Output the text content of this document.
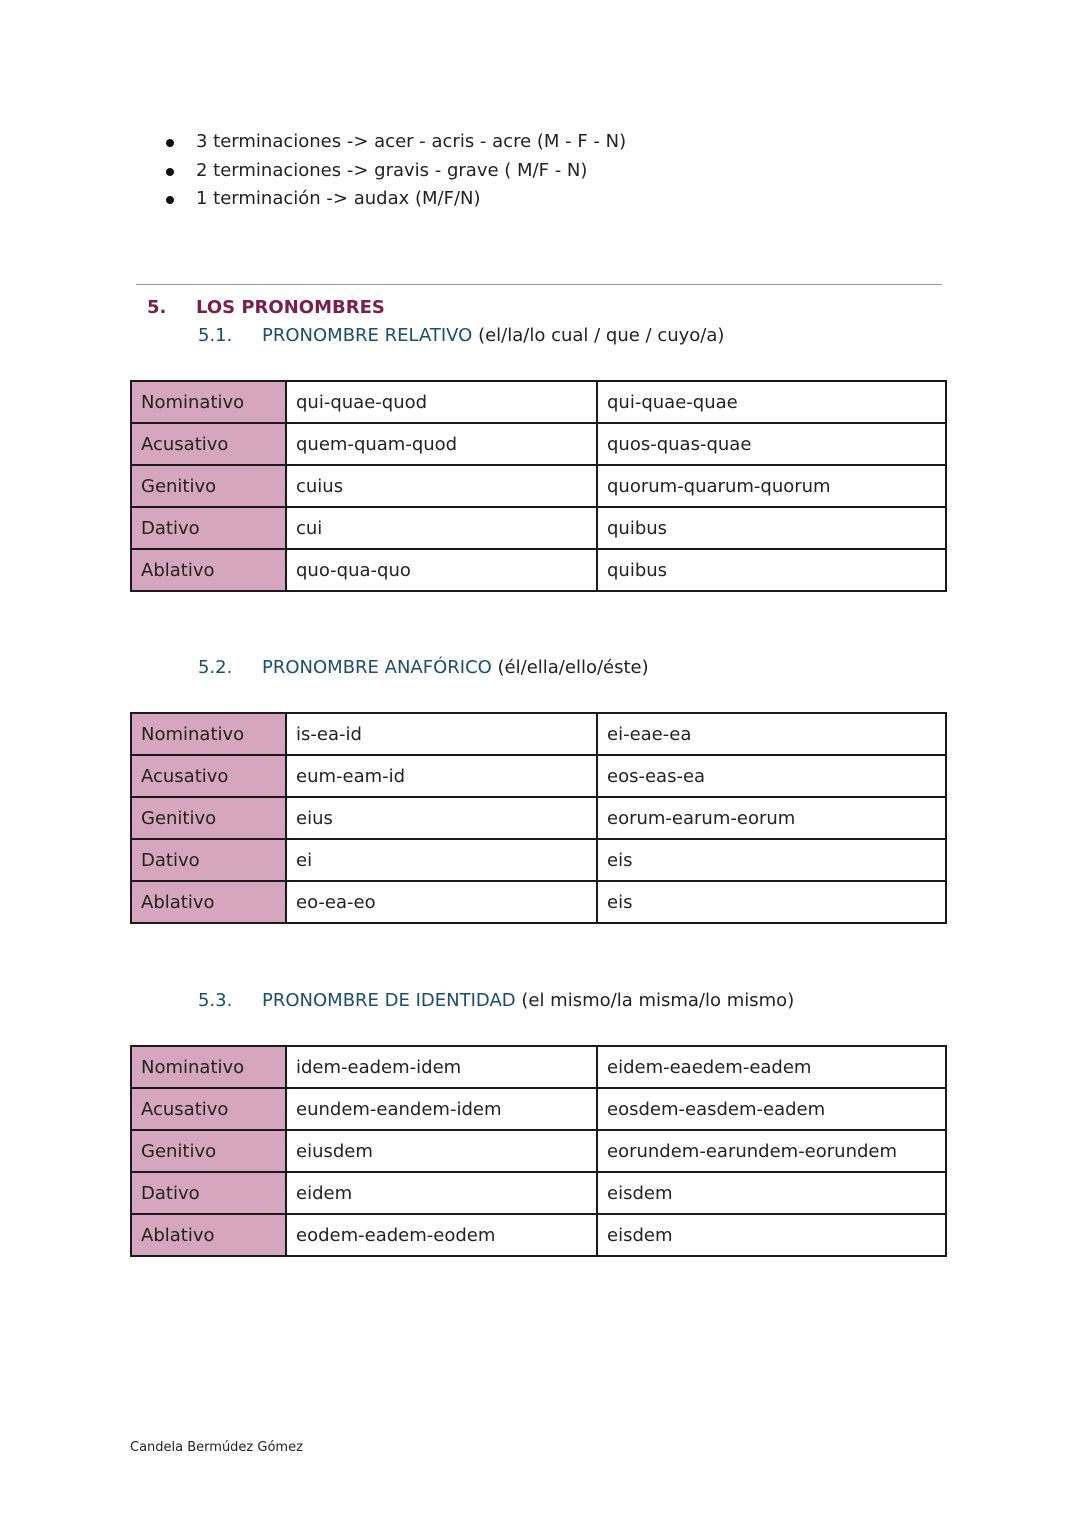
3 terminaciones -> acer - acris - acre (M - F - N)
2 terminaciones -> gravis - grave ( M/F - N)
1 terminación -> audax (M/F/N)
5. LOS PRONOMBRES
5.1. PRONOMBRE RELATIVO (el/la/lo cual / que / cuyo/a)
Nominativo	qui-quae-quod	qui-quae-quae
Acusativo	quem-quam-quod	quos-quas-quae
Genitivo	cuius	quorum-quarum-quorum
Dativo	cui	quibus
Ablativo	quo-qua-quo	quibus
5.2. PRONOMBRE ANAFÓRICO (él/ella/ello/éste)
Nominativo	is-ea-id	ei-eae-ea
Acusativo	eum-eam-id	eos-eas-ea
Genitivo	eius	eorum-earum-eorum
Dativo	ei	eis
Ablativo	eo-ea-eo	eis
5.3. PRONOMBRE DE IDENTIDAD (el mismo/la misma/lo mismo)
Nominativo	idem-eadem-idem	eidem-eaedem-eadem
Acusativo	eundem-eandem-idem	eosdem-easdem-eadem
Genitivo	eiusdem	eorundem-earundem-eorundem
Dativo	eidem	eisdem
Ablativo	eodem-eadem-eodem	eisdem
Candela Bermúdez Gómez
